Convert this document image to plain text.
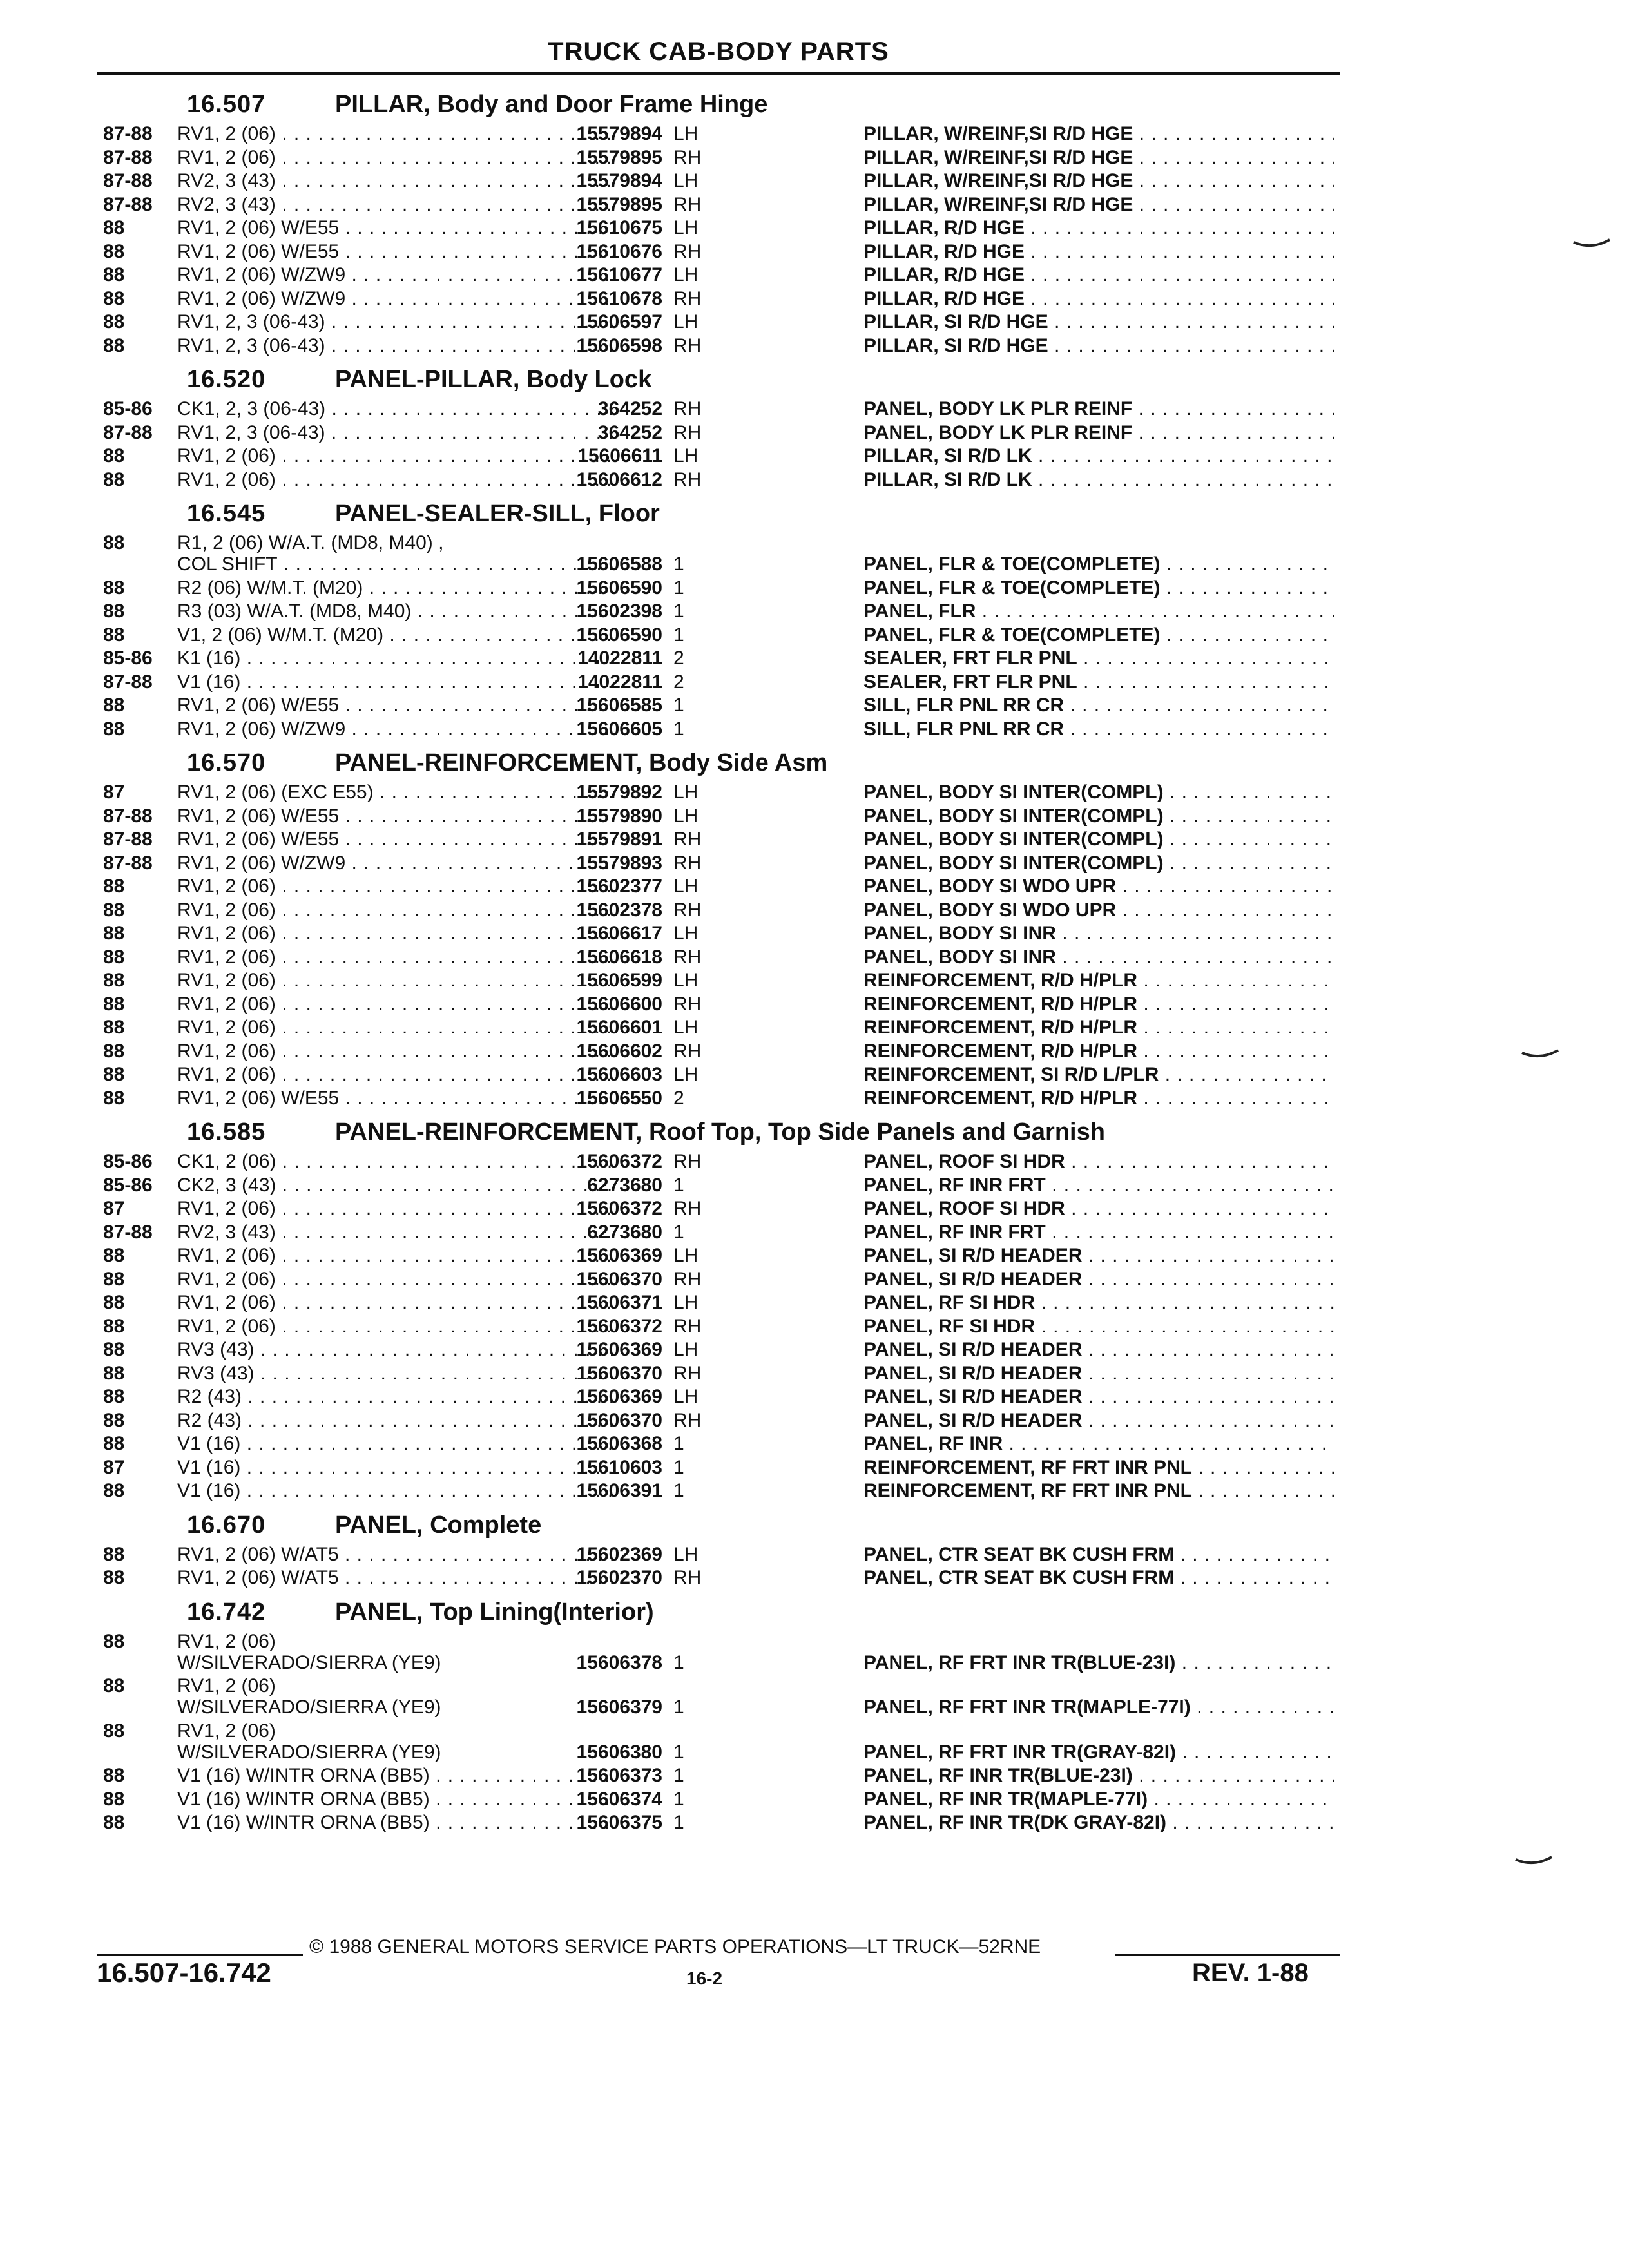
TRUCK CAB-BODY PARTS
16.507	PILLAR, Body and Door Frame Hinge
87-88	RV1, 2 (06) . . .	15579894 LH	PILLAR, W/REINF,SI R/D HGE . . .
87-88	RV1, 2 (06) . . .	15579895 RH	PILLAR, W/REINF,SI R/D HGE . . .
87-88	RV2, 3 (43) . . .	15579894 LH	PILLAR, W/REINF,SI R/D HGE . . .
87-88	RV2, 3 (43) . . .	15579895 RH	PILLAR, W/REINF,SI R/D HGE . . .
88	RV1, 2 (06) W/E55 . . .	15610675 LH	PILLAR, R/D HGE . . .
88	RV1, 2 (06) W/E55 . . .	15610676 RH	PILLAR, R/D HGE . . .
88	RV1, 2 (06) W/ZW9 . . .	15610677 LH	PILLAR, R/D HGE . . .
88	RV1, 2 (06) W/ZW9 . . .	15610678 RH	PILLAR, R/D HGE . . .
88	RV1, 2, 3 (06-43) . . .	15606597 LH	PILLAR, SI R/D HGE . . .
88	RV1, 2, 3 (06-43) . . .	15606598 RH	PILLAR, SI R/D HGE . . .
16.520	PANEL-PILLAR, Body Lock
85-86	CK1, 2, 3 (06-43) . . .	364252 RH	PANEL, BODY LK PLR REINF . . .
87-88	RV1, 2, 3 (06-43) . . .	364252 RH	PANEL, BODY LK PLR REINF . . .
88	RV1, 2 (06) . . .	15606611 LH	PILLAR, SI R/D LK . . .
88	RV1, 2 (06) . . .	15606612 RH	PILLAR, SI R/D LK . . .
16.545	PANEL-SEALER-SILL, Floor
88	R1, 2 (06) W/A.T. (MD8, M40) ,
COL SHIFT . . .	15606588 1	PANEL, FLR & TOE(COMPLETE) . . .
88	R2 (06) W/M.T. (M20) . . .	15606590 1	PANEL, FLR & TOE(COMPLETE) . . .
88	R3 (03) W/A.T. (MD8, M40) . . .	15602398 1	PANEL, FLR . . .
88	V1, 2 (06) W/M.T. (M20) . . .	15606590 1	PANEL, FLR & TOE(COMPLETE) . . .
85-86	K1 (16) . . .	14022811 2	SEALER, FRT FLR PNL . . .
87-88	V1 (16) . . .	14022811 2	SEALER, FRT FLR PNL . . .
88	RV1, 2 (06) W/E55 . . .	15606585 1	SILL, FLR PNL RR CR . . .
88	RV1, 2 (06) W/ZW9 . . .	15606605 1	SILL, FLR PNL RR CR . . .
16.570	PANEL-REINFORCEMENT, Body Side Asm
87	RV1, 2 (06) (EXC E55) . . .	15579892 LH	PANEL, BODY SI INTER(COMPL) . . .
87-88	RV1, 2 (06) W/E55 . . .	15579890 LH	PANEL, BODY SI INTER(COMPL) . . .
87-88	RV1, 2 (06) W/E55 . . .	15579891 RH	PANEL, BODY SI INTER(COMPL) . . .
87-88	RV1, 2 (06) W/ZW9 . . .	15579893 RH	PANEL, BODY SI INTER(COMPL) . . .
88	RV1, 2 (06) . . .	15602377 LH	PANEL, BODY SI WDO UPR . . .
88	RV1, 2 (06) . . .	15602378 RH	PANEL, BODY SI WDO UPR . . .
88	RV1, 2 (06) . . .	15606617 LH	PANEL, BODY SI INR . . .
88	RV1, 2 (06) . . .	15606618 RH	PANEL, BODY SI INR . . .
88	RV1, 2 (06) . . .	15606599 LH	REINFORCEMENT, R/D H/PLR . . .
88	RV1, 2 (06) . . .	15606600 RH	REINFORCEMENT, R/D H/PLR . . .
88	RV1, 2 (06) . . .	15606601 LH	REINFORCEMENT, R/D H/PLR . . .
88	RV1, 2 (06) . . .	15606602 RH	REINFORCEMENT, R/D H/PLR . . .
88	RV1, 2 (06) . . .	15606603 LH	REINFORCEMENT, SI R/D L/PLR . . .
88	RV1, 2 (06) W/E55 . . .	15606550 2	REINFORCEMENT, R/D H/PLR . . .
16.585	PANEL-REINFORCEMENT, Roof Top, Top Side Panels and Garnish
85-86	CK1, 2 (06) . . .	15606372 RH	PANEL, ROOF SI HDR . . .
85-86	CK2, 3 (43) . . .	6273680 1	PANEL, RF INR FRT . . .
87	RV1, 2 (06) . . .	15606372 RH	PANEL, ROOF SI HDR . . .
87-88	RV2, 3 (43) . . .	6273680 1	PANEL, RF INR FRT . . .
88	RV1, 2 (06) . . .	15606369 LH	PANEL, SI R/D HEADER . . .
88	RV1, 2 (06) . . .	15606370 RH	PANEL, SI R/D HEADER . . .
88	RV1, 2 (06) . . .	15606371 LH	PANEL, RF SI HDR . . .
88	RV1, 2 (06) . . .	15606372 RH	PANEL, RF SI HDR . . .
88	RV3 (43) . . .	15606369 LH	PANEL, SI R/D HEADER . . .
88	RV3 (43) . . .	15606370 RH	PANEL, SI R/D HEADER . . .
88	R2 (43) . . .	15606369 LH	PANEL, SI R/D HEADER . . .
88	R2 (43) . . .	15606370 RH	PANEL, SI R/D HEADER . . .
88	V1 (16) . . .	15606368 1	PANEL, RF INR . . .
87	V1 (16) . . .	15610603 1	REINFORCEMENT, RF FRT INR PNL . . .
88	V1 (16) . . .	15606391 1	REINFORCEMENT, RF FRT INR PNL . . .
16.670	PANEL, Complete
88	RV1, 2 (06) W/AT5 . . .	15602369 LH	PANEL, CTR SEAT BK CUSH FRM . . .
88	RV1, 2 (06) W/AT5 . . .	15602370 RH	PANEL, CTR SEAT BK CUSH FRM . . .
16.742	PANEL, Top Lining(Interior)
88	RV1, 2 (06)
W/SILVERADO/SIERRA (YE9)	15606378 1	PANEL, RF FRT INR TR(BLUE-23I) . . .
88	RV1, 2 (06)
W/SILVERADO/SIERRA (YE9)	15606379 1	PANEL, RF FRT INR TR(MAPLE-77I) . . .
88	RV1, 2 (06)
W/SILVERADO/SIERRA (YE9)	15606380 1	PANEL, RF FRT INR TR(GRAY-82I) . . .
88	V1 (16) W/INTR ORNA (BB5) . . .	15606373 1	PANEL, RF INR TR(BLUE-23I) . . .
88	V1 (16) W/INTR ORNA (BB5) . . .	15606374 1	PANEL, RF INR TR(MAPLE-77I) . . .
88	V1 (16) W/INTR ORNA (BB5) . . .	15606375 1	PANEL, RF INR TR(DK GRAY-82I) . . .
© 1988 GENERAL MOTORS SERVICE PARTS OPERATIONS—LT TRUCK—52RNE
16.507-16.742	16-2	REV. 1-88
